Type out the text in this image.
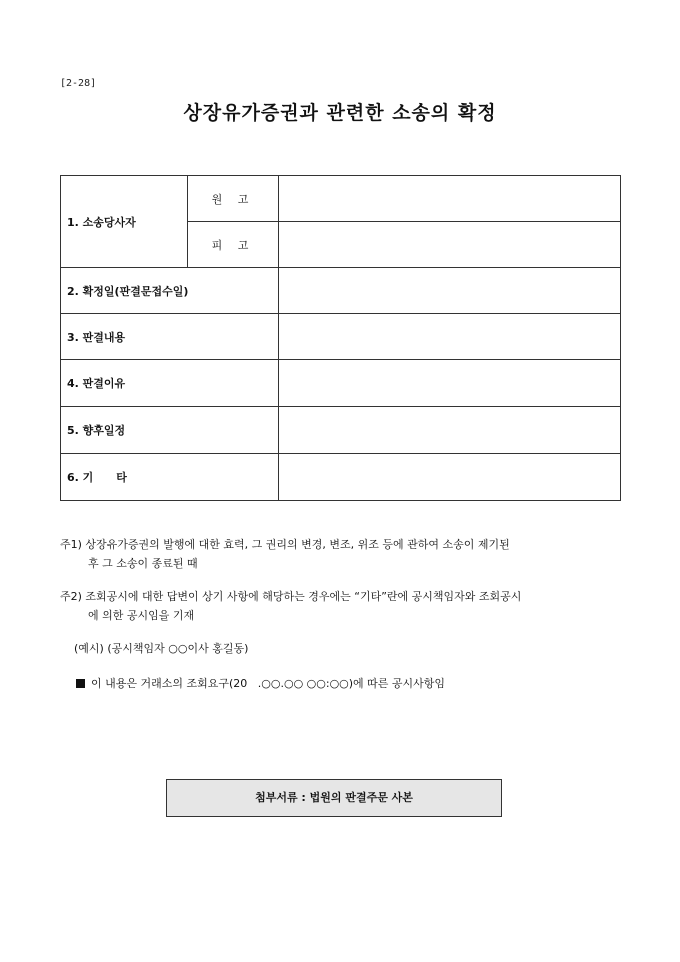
[2-28]
상장유가증권과 관련한 소송의 확정
1. 소송당사자	원 고	
	피 고	
2. 확정일(판결문접수일)		
3. 판결내용		
4. 판결이유		
5. 향후일정		
6. 기      타		
주1) 상장유가증권의 발행에 대한 효력, 그 권리의 변경, 변조, 위조 등에 관하여 소송이 제기된
후 그 소송이 종료된 때
주2) 조회공시에 대한 답변이 상기 사항에 해당하는 경우에는 “기타”란에 공시책임자와 조회공시
에 의한 공시임을 기재
(예시) (공시책임자 ○○이사 홍길동)
이 내용은 거래소의 조회요구(20   .○○.○○ ○○:○○)에 따른 공시사항임
첨부서류 : 법원의 판결주문 사본
